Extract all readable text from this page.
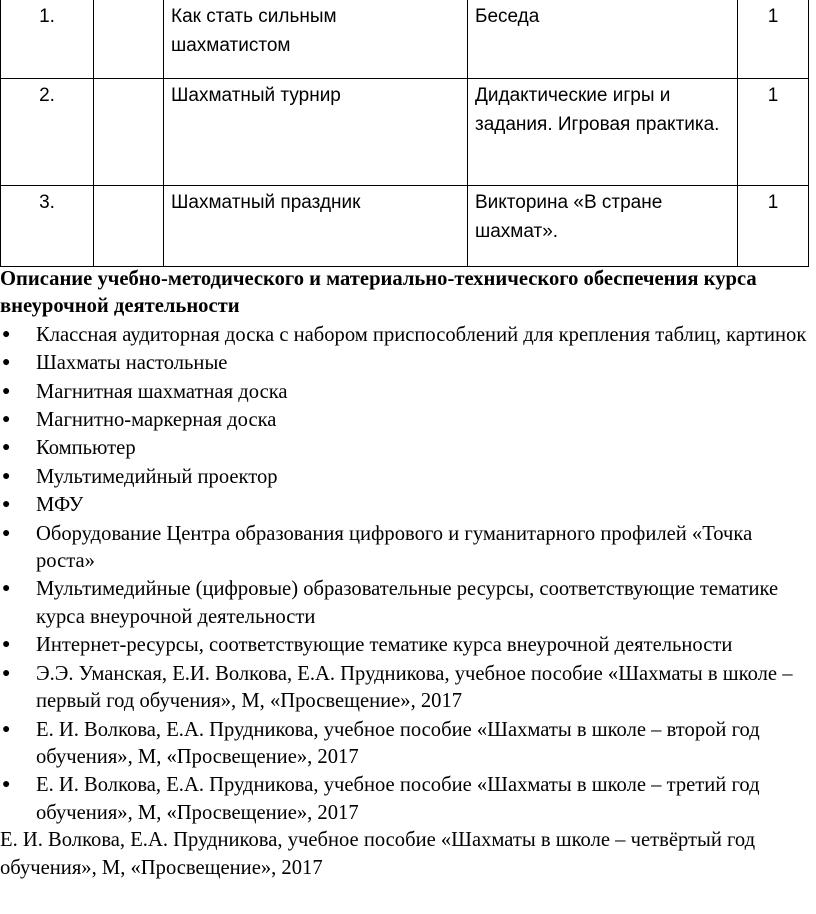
1.		Как стать сильным шахматистом	Беседа	1
2.		Шахматный турнир	Дидактические игры и задания. Игровая практика.	1
3.		Шахматный праздник	Викторина «В стране шахмат».	1

Описание учебно-методического и материально-технического обеспечения курса внеурочной деятельности

● Классная аудиторная доска с набором приспособлений для крепления таблиц, картинок

● Шахматы настольные

● Магнитная шахматная доска

● Магнитно-маркерная доска

● Компьютер

● Мультимедийный проектор

● МФУ

● Оборудование Центра образования цифрового и гуманитарного профилей «Точка роста»

● Мультимедийные (цифровые) образовательные ресурсы, соответствующие тематике курса внеурочной деятельности

● Интернет-ресурсы, соответствующие тематике курса внеурочной деятельности

● Э.Э. Уманская, Е.И. Волкова, Е.А. Прудникова, учебное пособие «Шахматы в школе – первый год обучения», М, «Просвещение», 2017

● Е. И. Волкова, Е.А. Прудникова, учебное пособие «Шахматы в школе – второй год обучения», М, «Просвещение», 2017

● Е. И. Волкова, Е.А. Прудникова, учебное пособие «Шахматы в школе – третий год обучения», М, «Просвещение», 2017

Е. И. Волкова, Е.А. Прудникова, учебное пособие «Шахматы в школе – четвёртый год обучения», М, «Просвещение», 2017
